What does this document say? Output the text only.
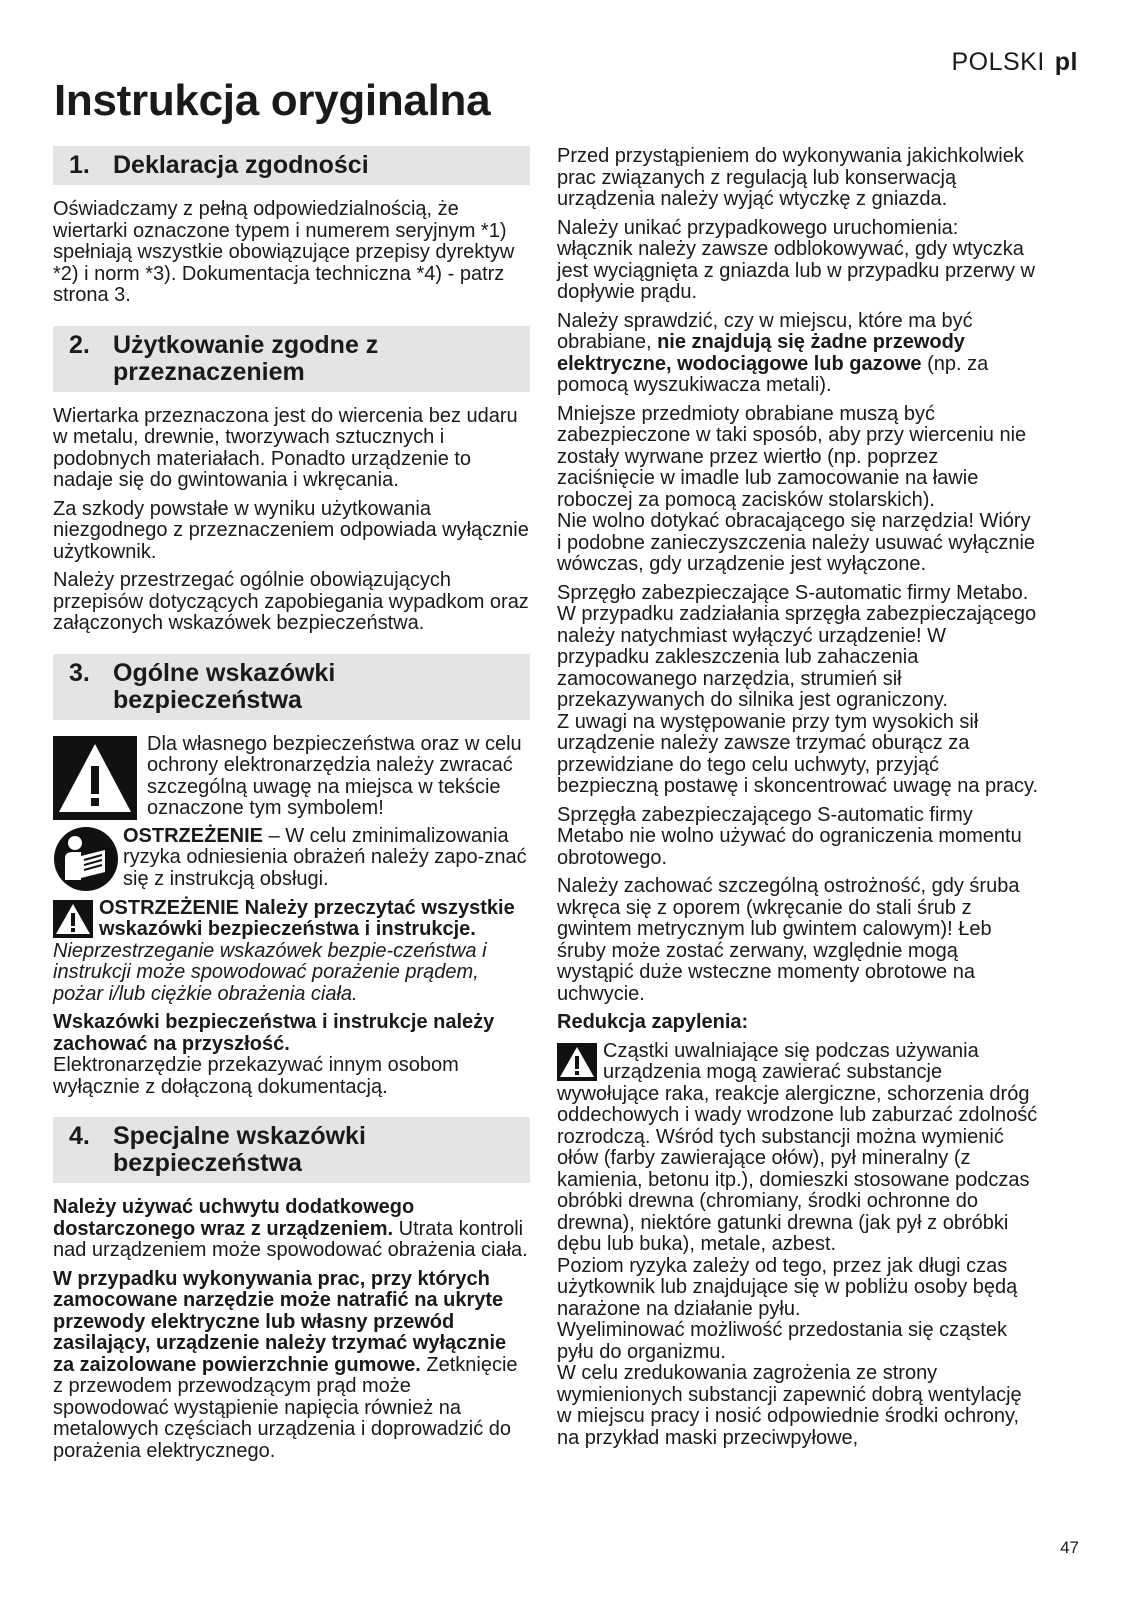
POLSKI pl
Instrukcja oryginalna
1. Deklaracja zgodności

Oświadczamy z pełną odpowiedzialnością, że wiertarki oznaczone typem i numerem seryjnym *1) spełniają wszystkie obowiązujące przepisy dyrektyw *2) i norm *3). Dokumentacja techniczna *4) - patrz strona 3.

2. Użytkowanie zgodne z przeznaczeniem

Wiertarka przeznaczona jest do wiercenia bez udaru w metalu, drewnie, tworzywach sztucznych i podobnych materiałach. Ponadto urządzenie to nadaje się do gwintowania i wkręcania.

Za szkody powstałe w wyniku użytkowania niezgodnego z przeznaczeniem odpowiada wyłącznie użytkownik.

Należy przestrzegać ogólnie obowiązujących przepisów dotyczących zapobiegania wypadkom oraz załączonych wskazówek bezpieczeństwa.

3. Ogólne wskazówki bezpieczeństwa

Dla własnego bezpieczeństwa oraz w celu ochrony elektronarzędzia należy zwracać szczególną uwagę na miejsca w tekście oznaczone tym symbolem!

OSTRZEŻENIE – W celu zminimalizowania ryzyka odniesienia obrażeń należy zapo-znać się z instrukcją obsługi.

OSTRZEŻENIE Należy przeczytać wszystkie wskazówki bezpieczeństwa i instrukcje. Nieprzestrzeganie wskazówek bezpie-czeństwa i instrukcji może spowodować porażenie prądem, pożar i/lub ciężkie obrażenia ciała.

Wskazówki bezpieczeństwa i instrukcje należy zachować na przyszłość.
Elektronarzędzie przekazywać innym osobom wyłącznie z dołączoną dokumentacją.

4. Specjalne wskazówki bezpieczeństwa

Należy używać uchwytu dodatkowego dostarczonego wraz z urządzeniem. Utrata kontroli nad urządzeniem może spowodować obrażenia ciała.

W przypadku wykonywania prac, przy których zamocowane narzędzie może natrafić na ukryte przewody elektryczne lub własny przewód zasilający, urządzenie należy trzymać wyłącznie za zaizolowane powierzchnie gumowe. Zetknięcie z przewodem przewodzącym prąd może spowodować wystąpienie napięcia również na metalowych częściach urządzenia i doprowadzić do porażenia elektrycznego.

Przed przystąpieniem do wykonywania jakichkolwiek prac związanych z regulacją lub konserwacją urządzenia należy wyjąć wtyczkę z gniazda.

Należy unikać przypadkowego uruchomienia: włącznik należy zawsze odblokowywać, gdy wtyczka jest wyciągnięta z gniazda lub w przypadku przerwy w dopływie prądu.

Należy sprawdzić, czy w miejscu, które ma być obrabiane, nie znajdują się żadne przewody elektryczne, wodociągowe lub gazowe (np. za pomocą wyszukiwacza metali).

Mniejsze przedmioty obrabiane muszą być zabezpieczone w taki sposób, aby przy wierceniu nie zostały wyrwane przez wiertło (np. poprzez zaciśnięcie w imadle lub zamocowanie na ławie roboczej za pomocą zacisków stolarskich).

Nie wolno dotykać obracającego się narzędzia! Wióry i podobne zanieczyszczenia należy usuwać wyłącznie wówczas, gdy urządzenie jest wyłączone.

Sprzęgło zabezpieczające S-automatic firmy Metabo. W przypadku zadziałania sprzęgła zabezpieczającego należy natychmiast wyłączyć urządzenie! W przypadku zakleszczenia lub zahaczenia zamocowanego narzędzia, strumień sił przekazywanych do silnika jest ograniczony.

Z uwagi na występowanie przy tym wysokich sił urządzenie należy zawsze trzymać oburącz za przewidziane do tego celu uchwyty, przyjąć bezpieczną postawę i skoncentrować uwagę na pracy.

Sprzęgła zabezpieczającego S-automatic firmy Metabo nie wolno używać do ograniczenia momentu obrotowego.

Należy zachować szczególną ostrożność, gdy śruba wkręca się z oporem (wkręcanie do stali śrub z gwintem metrycznym lub gwintem calowym)! Łeb śruby może zostać zerwany, względnie mogą wystąpić duże wsteczne momenty obrotowe na uchwycie.

Redukcja zapylenia:

Cząstki uwalniające się podczas używania urządzenia mogą zawierać substancje wywołujące raka, reakcje alergiczne, schorzenia dróg oddechowych i wady wrodzone lub zaburzać zdolność rozrodczą. Wśród tych substancji można wymienić ołów (farby zawierające ołów), pył mineralny (z kamienia, betonu itp.), domieszki stosowane podczas obróbki drewna (chromiany, środki ochronne do drewna), niektóre gatunki drewna (jak pył z obróbki dębu lub buka), metale, azbest.

Poziom ryzyka zależy od tego, przez jak długi czas użytkownik lub znajdujące się w pobliżu osoby będą narażone na działanie pyłu.

Wyeliminować możliwość przedostania się cząstek pyłu do organizmu.

W celu zredukowania zagrożenia ze strony wymienionych substancji zapewnić dobrą wentylację w miejscu pracy i nosić odpowiednie środki ochrony, na przykład maski przeciwpyłowe,

47
